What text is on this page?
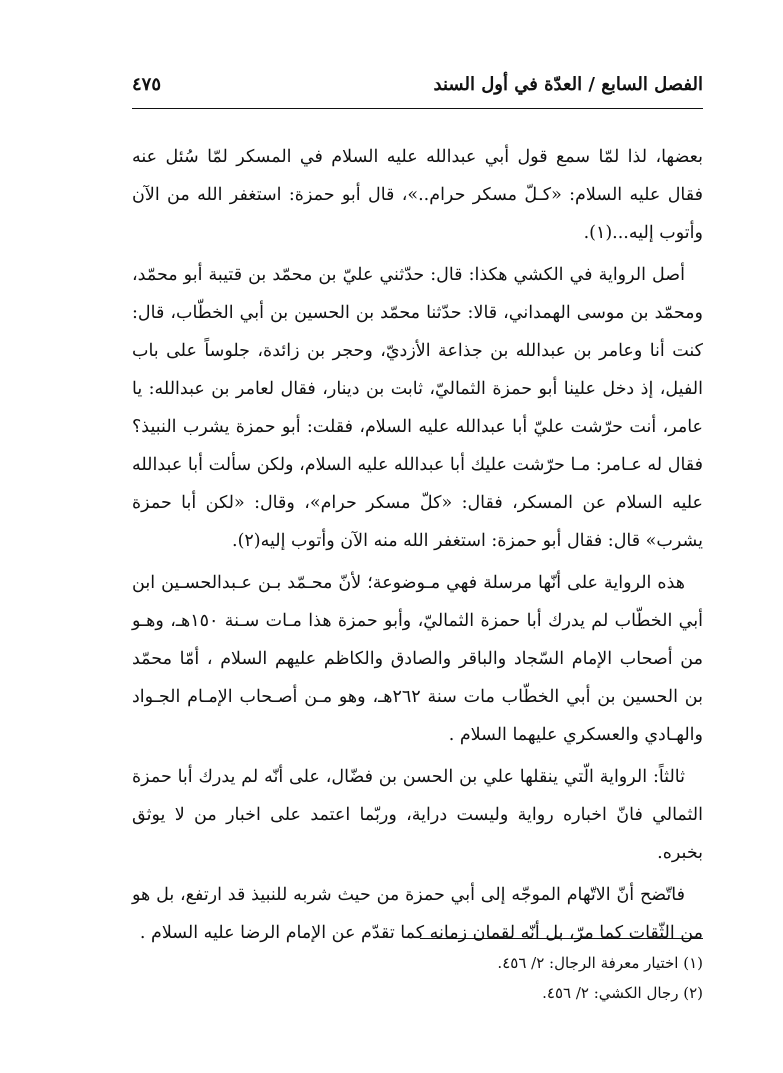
الفصل السابع / العدّة في أول السند
٤٧٥

بعضها، لذا لمّا سمع قول أبي عبدالله عليه السلام في المسكر لمّا سُئل عنه فقال عليه السلام: «كـلّ مسكر حرام..»، قال أبو حمزة: استغفر الله من الآن وأتوب إليه...(١).

أصل الرواية في الكشي هكذا: قال: حدّثني عليّ بن محمّد بن قتيبة أبو محمّد، ومحمّد بن موسى الهمداني، قالا: حدّثنا محمّد بن الحسين بن أبي الخطّاب، قال: كنت أنا وعامر بن عبدالله بن جذاعة الأزديّ، وحجر بن زائدة، جلوساً على باب الفيل، إذ دخل علينا أبو حمزة الثماليّ، ثابت بن دينار، فقال لعامر بن عبدالله: يا عامر، أنت حرّشت عليّ أبا عبدالله عليه السلام، فقلت: أبو حمزة يشرب النبيذ؟ فقال له عـامر: مـا حرّشت عليك أبا عبدالله عليه السلام، ولكن سألت أبا عبدالله عليه السلام عن المسكر، فقال: «كلّ مسكر حرام»، وقال: «لكن أبا حمزة يشرب» قال: فقال أبو حمزة: استغفر الله منه الآن وأتوب إليه(٢).

هذه الرواية على أنّها مرسلة فهي مـوضوعة؛ لأنّ محـمّد بـن عـبدالحسـين ابن أبي الخطّاب لم يدرك أبا حمزة الثماليّ، وأبو حمزة هذا مـات سـنة ١٥٠هـ، وهـو من أصحاب الإمام السّجاد والباقر والصادق والكاظم عليهم السلام ، أمّا محمّد بن الحسين بن أبي الخطّاب مات سنة ٢٦٢هـ، وهو مـن أصـحاب الإمـام الجـواد والهـادي والعسكري عليهما السلام .

ثالثاً: الرواية الّتي ينقلها علي بن الحسن بن فضّال، على أنّه لم يدرك أبا حمزة الثمالي فانّ اخباره رواية وليست دراية، وربّما اعتمد على اخبار من لا يوثق بخبره.

فاتّضح أنّ الاتّهام الموجّه إلى أبي حمزة من حيث شربه للنبيذ قد ارتفع، بل هو من الثّقات كما مرّ، بل أنّه لقمان زمانه كما تقدّم عن الإمام الرضا عليه السلام .

(١) اختيار معرفة الرجال: ٢/ ٤٥٦.

(٢) رجال الكشي: ٢/ ٤٥٦.
